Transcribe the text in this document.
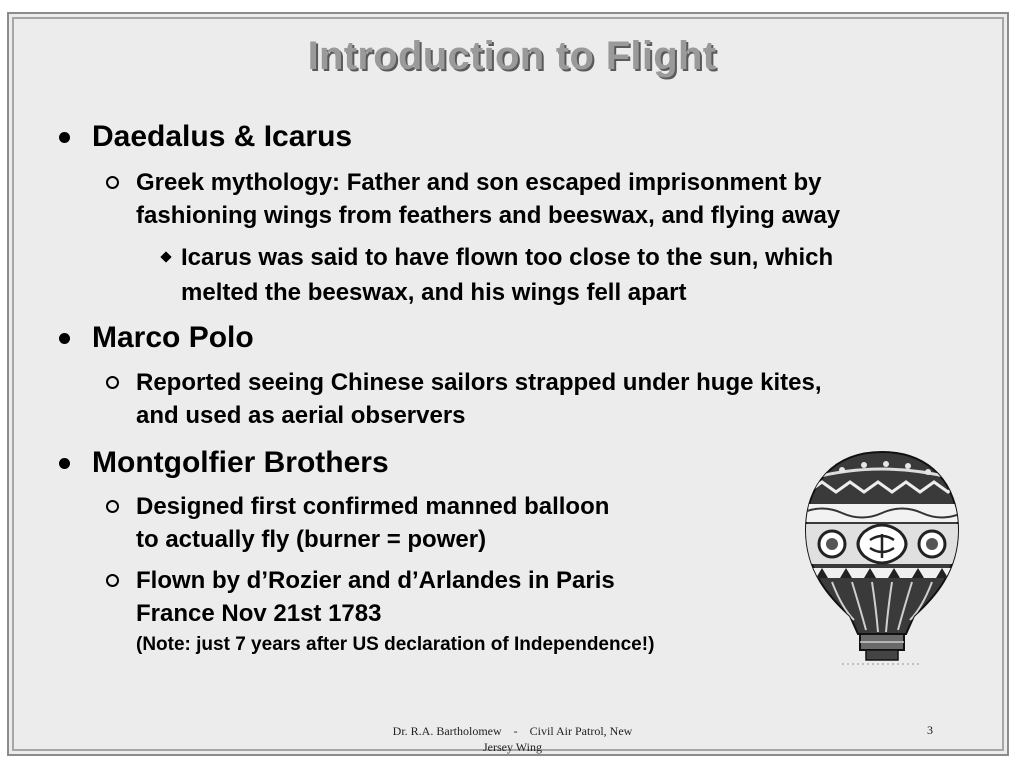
Introduction to Flight
Daedalus & Icarus
Greek mythology: Father and son escaped imprisonment by
fashioning wings from feathers and beeswax, and flying away
Icarus was said to have flown too close to the sun, which
melted the beeswax, and his wings fell apart
Marco Polo
Reported seeing Chinese sailors strapped under huge kites,
and used as aerial observers
Montgolfier Brothers
Designed first confirmed manned balloon
to actually fly (burner = power)
Flown by d’Rozier and d’Arlandes in Paris
France Nov 21st 1783
(Note: just 7 years after US declaration of Independence!)
Dr. R.A. Bartholomew    -    Civil Air Patrol, New
Jersey Wing
3
